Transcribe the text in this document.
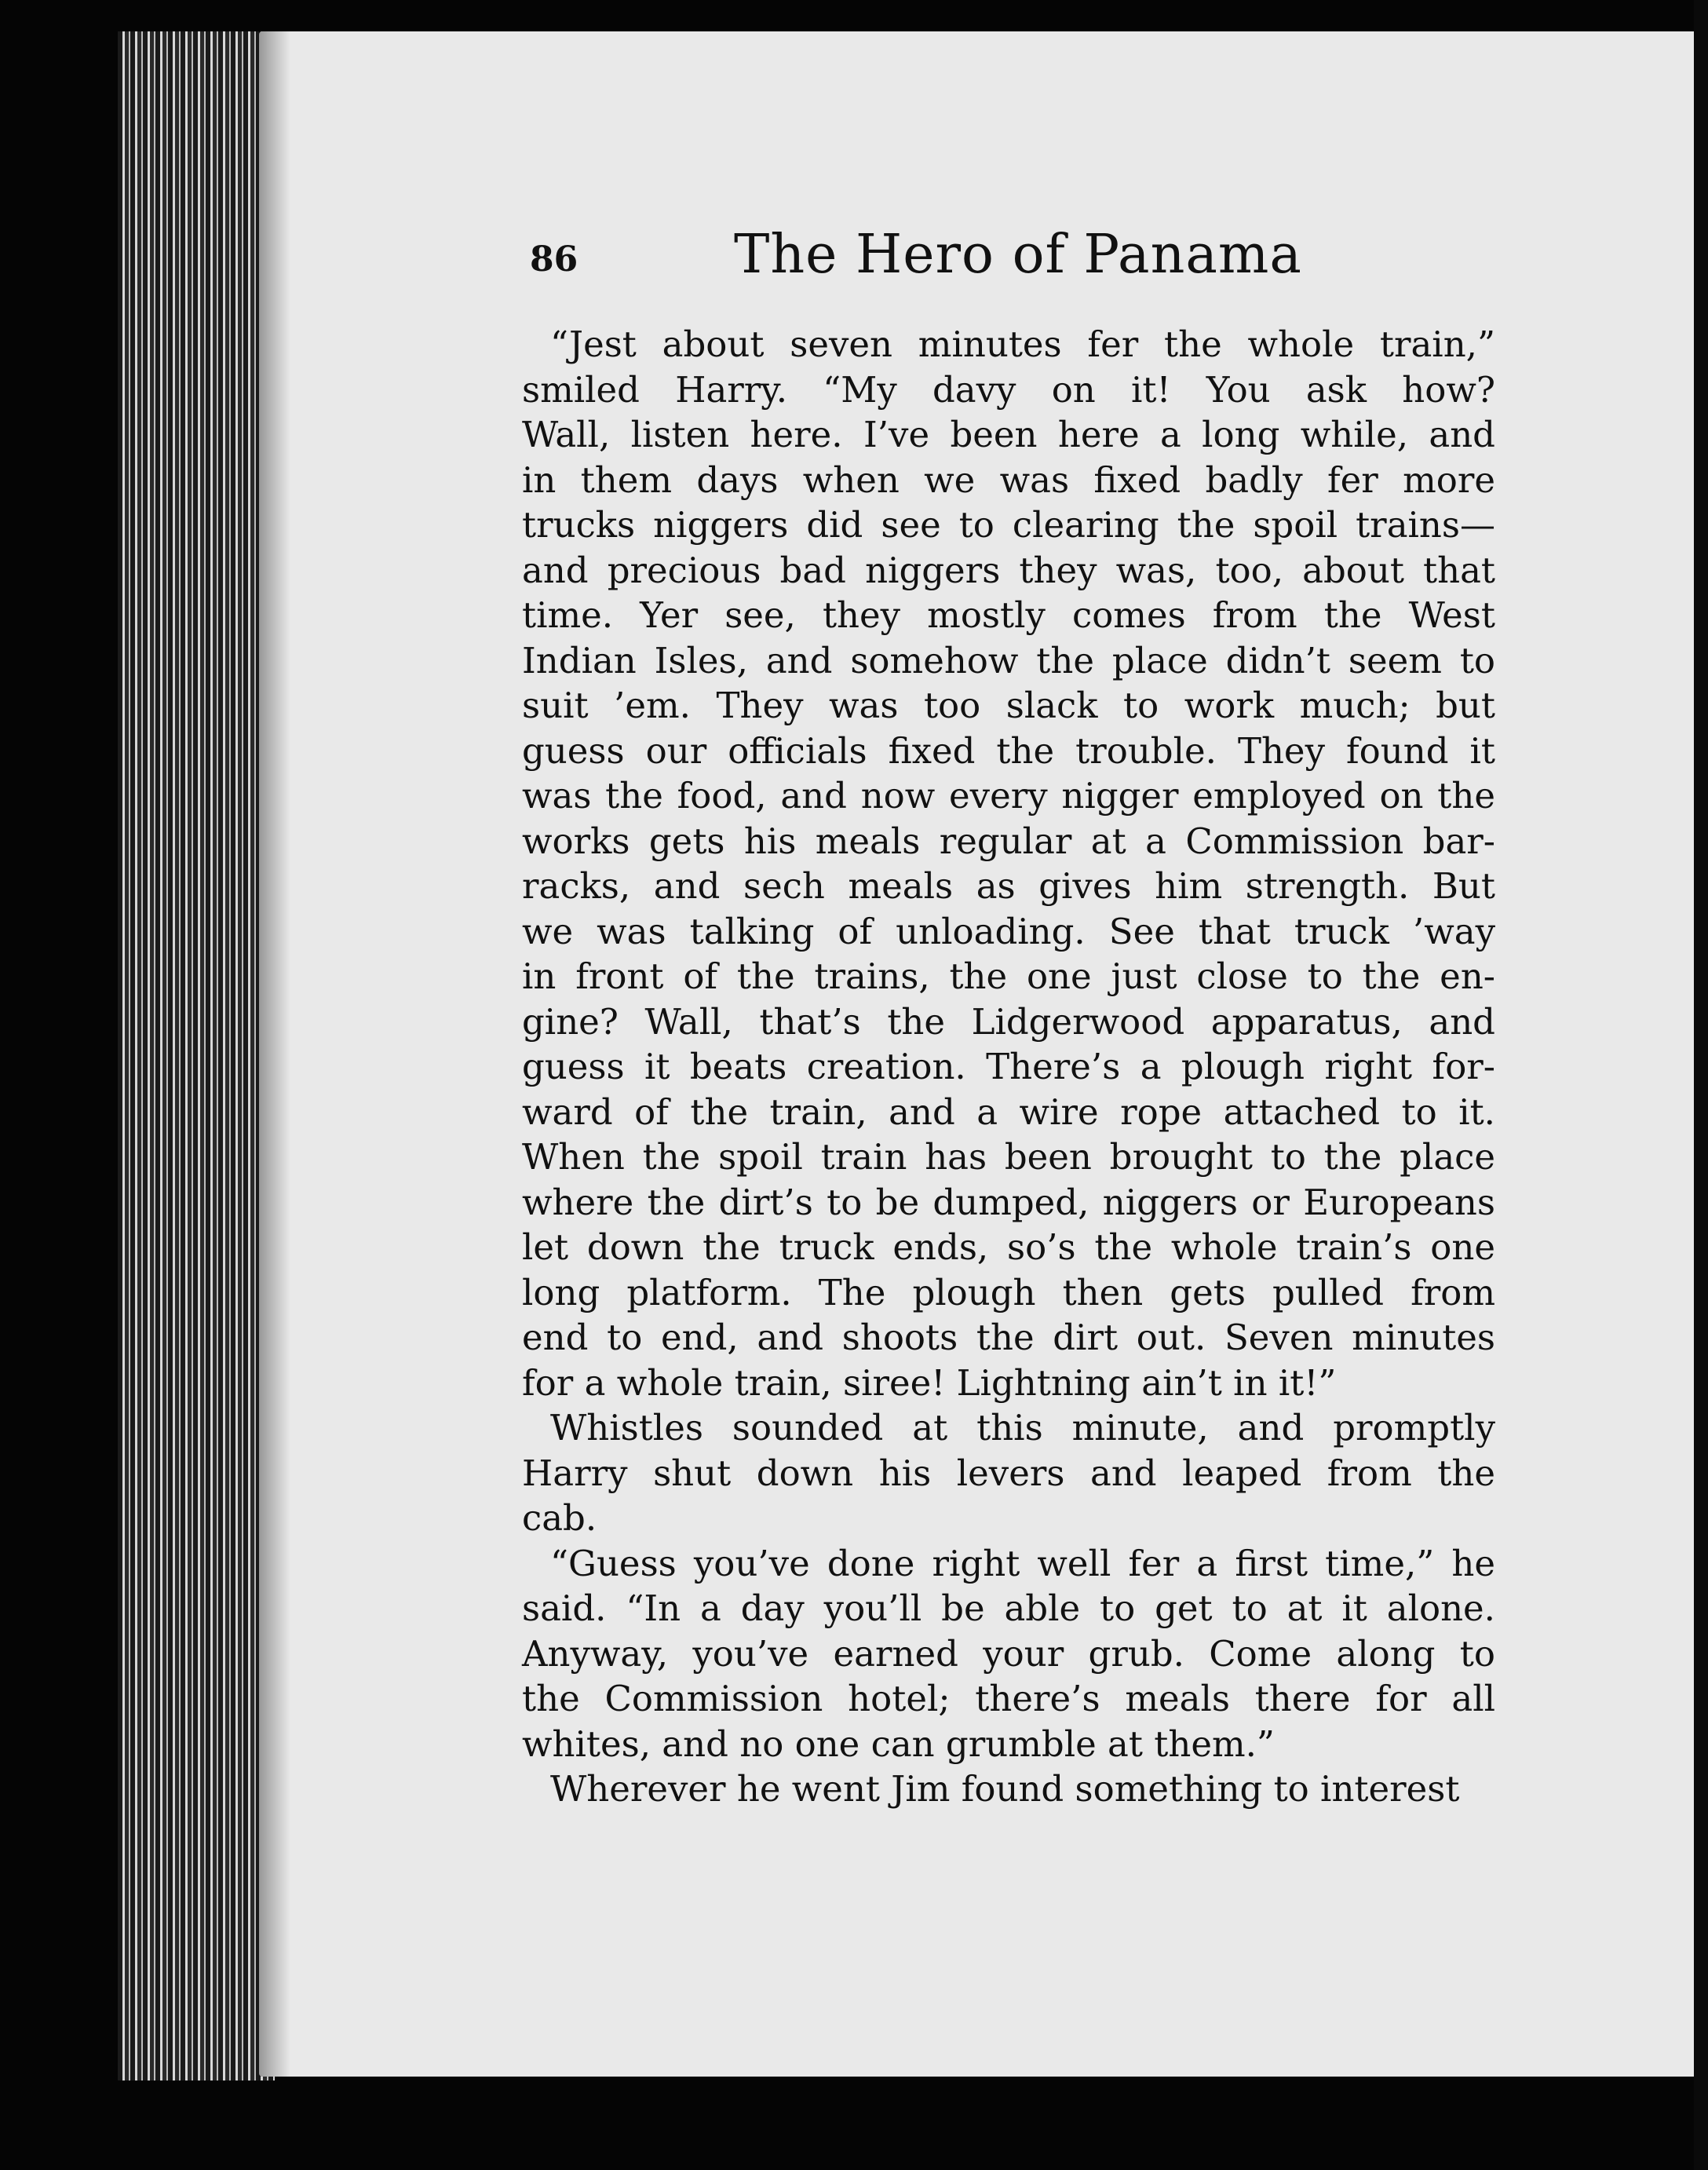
86	The Hero of Panama
“Jest about seven minutes fer the whole train,”
smiled Harry. “My davy on it! You ask how?
Wall, listen here. I’ve been here a long while, and
in them days when we was fixed badly fer more
trucks niggers did see to clearing the spoil trains—
and precious bad niggers they was, too, about that
time. Yer see, they mostly comes from the West
Indian Isles, and somehow the place didn’t seem to
suit ’em. They was too slack to work much; but
guess our officials fixed the trouble. They found it
was the food, and now every nigger employed on the
works gets his meals regular at a Commission bar-
racks, and sech meals as gives him strength. But
we was talking of unloading. See that truck ’way
in front of the trains, the one just close to the en-
gine? Wall, that’s the Lidgerwood apparatus, and
guess it beats creation. There’s a plough right for-
ward of the train, and a wire rope attached to it.
When the spoil train has been brought to the place
where the dirt’s to be dumped, niggers or Europeans
let down the truck ends, so’s the whole train’s one
long platform. The plough then gets pulled from
end to end, and shoots the dirt out. Seven minutes
for a whole train, siree! Lightning ain’t in it!”
Whistles sounded at this minute, and promptly
Harry shut down his levers and leaped from the
cab.
“Guess you’ve done right well fer a first time,” he
said. “In a day you’ll be able to get to at it alone.
Anyway, you’ve earned your grub. Come along to
the Commission hotel; there’s meals there for all
whites, and no one can grumble at them.”
Wherever he went Jim found something to interest
